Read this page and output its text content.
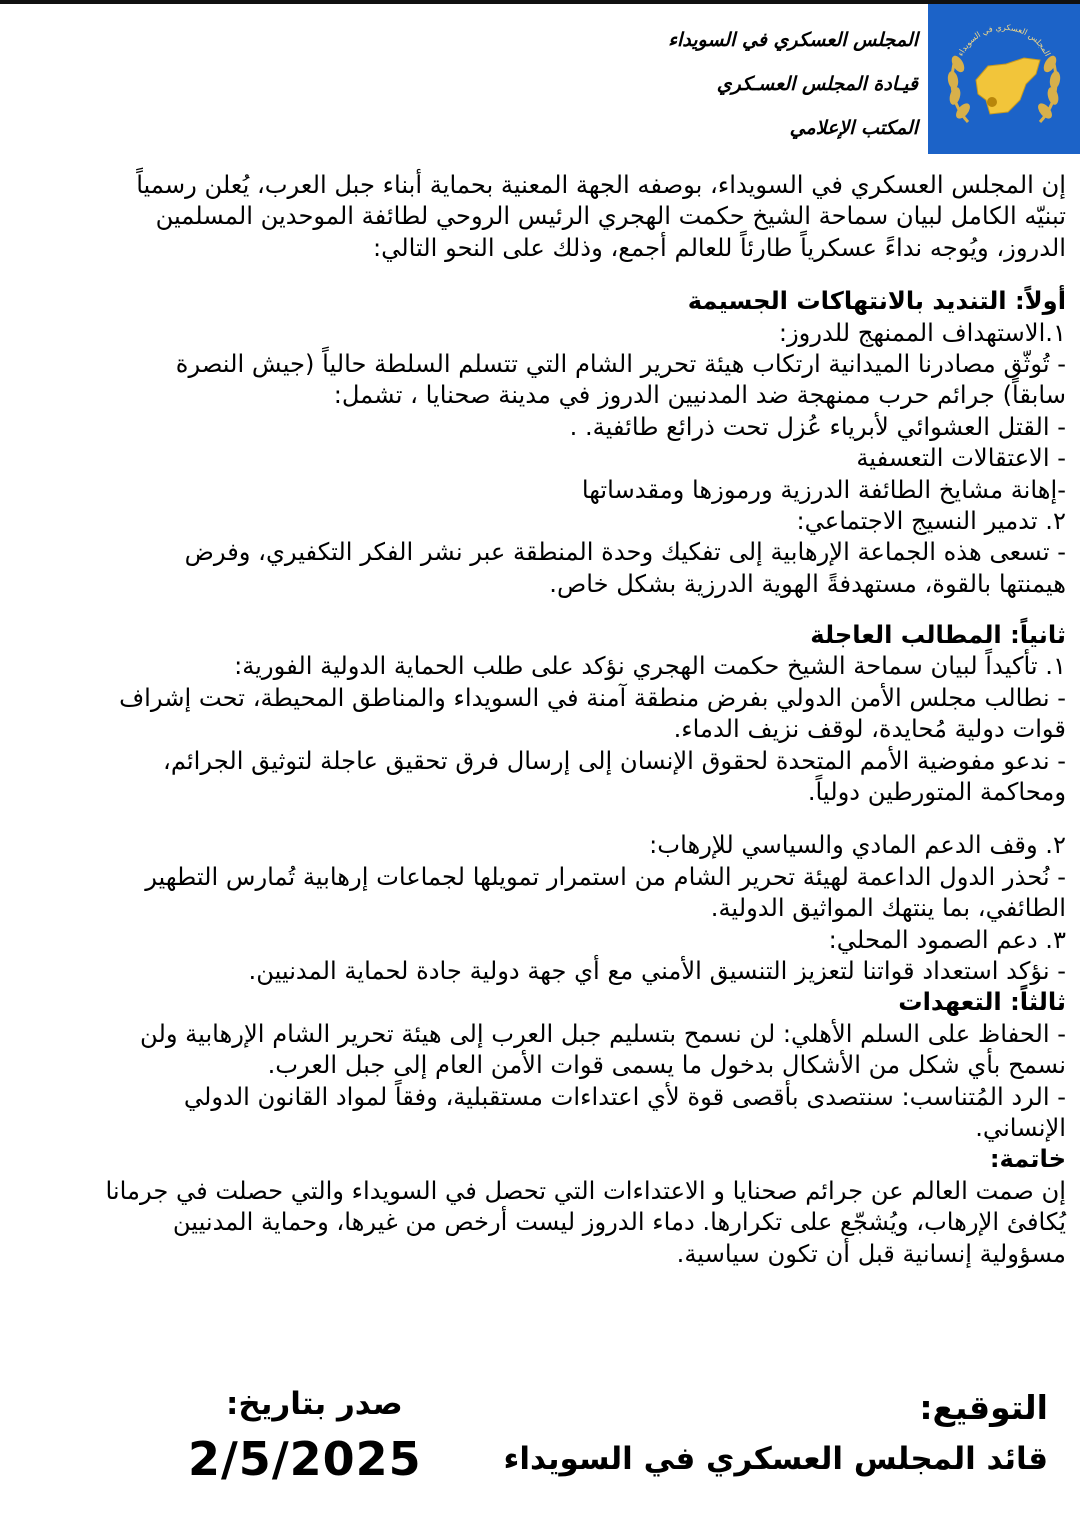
المجلس العسكري في السويداء
المجلس العسكري في السويداء
قيـادة المجلس العسـكري
المكتب الإعلامي
إن المجلس العسكري في السويداء، بوصفه الجهة المعنية بحماية أبناء جبل العرب، يُعلن رسمياً
تبنيّه الكامل لبيان سماحة الشيخ حكمت الهجري الرئيس الروحي لطائفة الموحدين المسلمين
الدروز، ويُوجه نداءً عسكرياً طارئاً للعالم أجمع، وذلك على النحو التالي:
أولاً: التنديد بالانتهاكات الجسيمة
١.الاستهداف الممنهج للدروز:
- تُوثّق مصادرنا الميدانية ارتكاب هيئة تحرير الشام التي تتسلم السلطة حالياً (جيش النصرة
سابقاً) جرائم حرب ممنهجة ضد المدنيين الدروز في مدينة صحنايا ، تشمل:
- القتل العشوائي لأبرياء عُزل تحت ذرائع طائفية. .
- الاعتقالات التعسفية
-إهانة مشايخ الطائفة الدرزية ورموزها ومقدساتها
٢. تدمير النسيج الاجتماعي:
- تسعى هذه الجماعة الإرهابية إلى تفكيك وحدة المنطقة عبر نشر الفكر التكفيري، وفرض
هيمنتها بالقوة، مستهدفةً الهوية الدرزية بشكل خاص.
ثانياً: المطالب العاجلة
١. تأكيداً لبيان سماحة الشيخ حكمت الهجري نؤكد على طلب الحماية الدولية الفورية:
- نطالب مجلس الأمن الدولي بفرض منطقة آمنة في السويداء والمناطق المحيطة، تحت إشراف
قوات دولية مُحايدة، لوقف نزيف الدماء.
- ندعو مفوضية الأمم المتحدة لحقوق الإنسان إلى إرسال فرق تحقيق عاجلة لتوثيق الجرائم،
ومحاكمة المتورطين دولياً.
٢. وقف الدعم المادي والسياسي للإرهاب:
- نُحذر الدول الداعمة لهيئة تحرير الشام من استمرار تمويلها لجماعات إرهابية تُمارس التطهير
الطائفي، بما ينتهك المواثيق الدولية.
٣. دعم الصمود المحلي:
- نؤكد استعداد قواتنا لتعزيز التنسيق الأمني مع أي جهة دولية جادة لحماية المدنيين.
ثالثاً: التعهدات
- الحفاظ على السلم الأهلي: لن نسمح بتسليم جبل العرب إلى هيئة تحرير الشام الإرهابية ولن
نسمح بأي شكل من الأشكال بدخول ما يسمى قوات الأمن العام إلى جبل العرب.
- الرد المُتناسب: سنتصدى بأقصى قوة لأي اعتداءات مستقبلية، وفقاً لمواد القانون الدولي
الإنساني.
خاتمة:
إن صمت العالم عن جرائم صحنايا و الاعتداءات التي تحصل في السويداء والتي حصلت في جرمانا
يُكافئ الإرهاب، ويُشجّع على تكرارها. دماء الدروز ليست أرخص من غيرها، وحماية المدنيين
مسؤولية إنسانية قبل أن تكون سياسية.
التوقيع:
قائد المجلس العسكري في السويداء
صدر بتاريخ:
2/5/2025
